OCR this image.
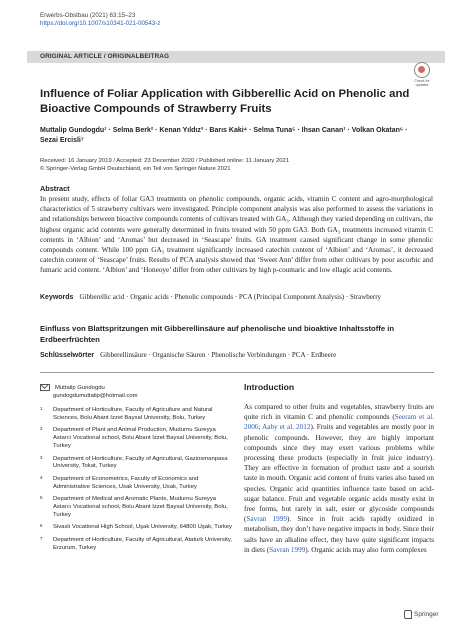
Erwerbs-Obstbau (2021) 63:15–23
https://doi.org/10.1007/s10341-021-00543-z
ORIGINAL ARTICLE / ORIGINALBEITRAG
Check for updates
Influence of Foliar Application with Gibberellic Acid on Phenolic and Bioactive Compounds of Strawberry Fruits
Muttalip Gundogdu¹ · Selma Berk² · Kenan Yıldız³ · Barıs Kaki⁴ · Selma Tuna⁵ · Ihsan Canan¹ · Volkan Okatan⁶ · Sezai Ercisli⁷
Received: 16 January 2019 / Accepted: 23 December 2020 / Published online: 11 January 2021
© Springer-Verlag GmbH Deutschland, ein Teil von Springer Nature 2021
Abstract
In present study, effects of foliar GA3 treatments on phenolic compounds, organic acids, vitamin C content and agro-morphological characteristics of 5 strawberry cultivars were investigated. Principle component analysis was also performed to assess the variations in and relationships between bioactive compounds contents of cultivars treated with GA₃. Although they varied depending on cultivars, the highest organic acid contents were generally determined in fruits treated with 50 ppm GA3. Both GA₃ treatments increased vitamin C contents in ‘Albion’ and ‘Aromas’ but decreased in ‘Seascape’ fruits. GA treatment caused significant change in some phenolic compounds content. While 100 ppm GA₃ treatment significantly increased catechin content of ‘Albion’ and ‘Aromas’, it decreased catechin content of ‘Seascape’ fruits. Results of PCA analysis showed that ‘Sweet Ann’ differ from other cultivars by poor ascorbic and fumaric acid content. ‘Albion’ and ‘Honeoye’ differ from other cultivars by high p-coumaric and low ellagic acid contents.
Keywords Gibberellic acid · Organic acids · Phenolic compounds · PCA (Principal Component Analysis) · Strawberry
Einfluss von Blattspritzungen mit Gibberellinsäure auf phenolische und bioaktive Inhaltsstoffe in Erdbeerfrüchten
Schlüsselwörter Gibberellinsäure · Organische Säuren · Phenolische Verbindungen · PCA · Erdbeere
Muttalip Gundogdu
gundogdumuttalip@hotmail.com
1 Department of Horticulture, Faculty of Agriculture and Natural Sciences, Bolu Abant Izzet Baysal University, Bolu, Turkey
2 Department of Plant and Animal Production, Mudurnu Sureyya Astarcı Vocational school, Bolu Abant Izzet Baysal University, Bolu, Turkey
3 Department of Horticulture, Faculty of Agricultural, Gaziosmanpasa University, Tokat, Turkey
4 Department of Econometrics, Faculty of Economics and Administrative Sciences, Usak University, Usak, Turkey
5 Department of Medical and Aromatic Plants, Mudurnu Sureyya Astarcı Vocational school, Bolu Abant Izzet Baysal University, Bolu, Turkey
6 Sivaslı Vocational High School, Uşak University, 64800 Uşak, Turkey
7 Department of Horticulture, Faculty of Agricultural, Ataturk University, Erzurum, Turkey
Introduction
As compared to other fruits and vegetables, strawberry fruits are quite rich in vitamin C and phenolic compounds (Seeram et al. 2006; Aaby et al. 2012). Fruits and vegetables are mostly poor in phenolic compounds. However, they are highly important compounds since they may exert various problems while processing these products (especially in fruit juice industry). They are effective in formation of product taste and a sourish taste in mouth. Organic acid content of fruits varies also based on species. Organic acid quantities influence taste based on acid-sugar balance. Fruit and vegetable organic acids mostly exist in free forms, but rarely in salt, ester or glycoside compounds (Savran 1999). Since in fruit acids rapidly oxidized in metabolism, they don’t have negative impacts in body. Since their salts have an alkaline effect, they have quite significant impacts in diets (Savran 1999). Organic acids may also form complexes
Springer
